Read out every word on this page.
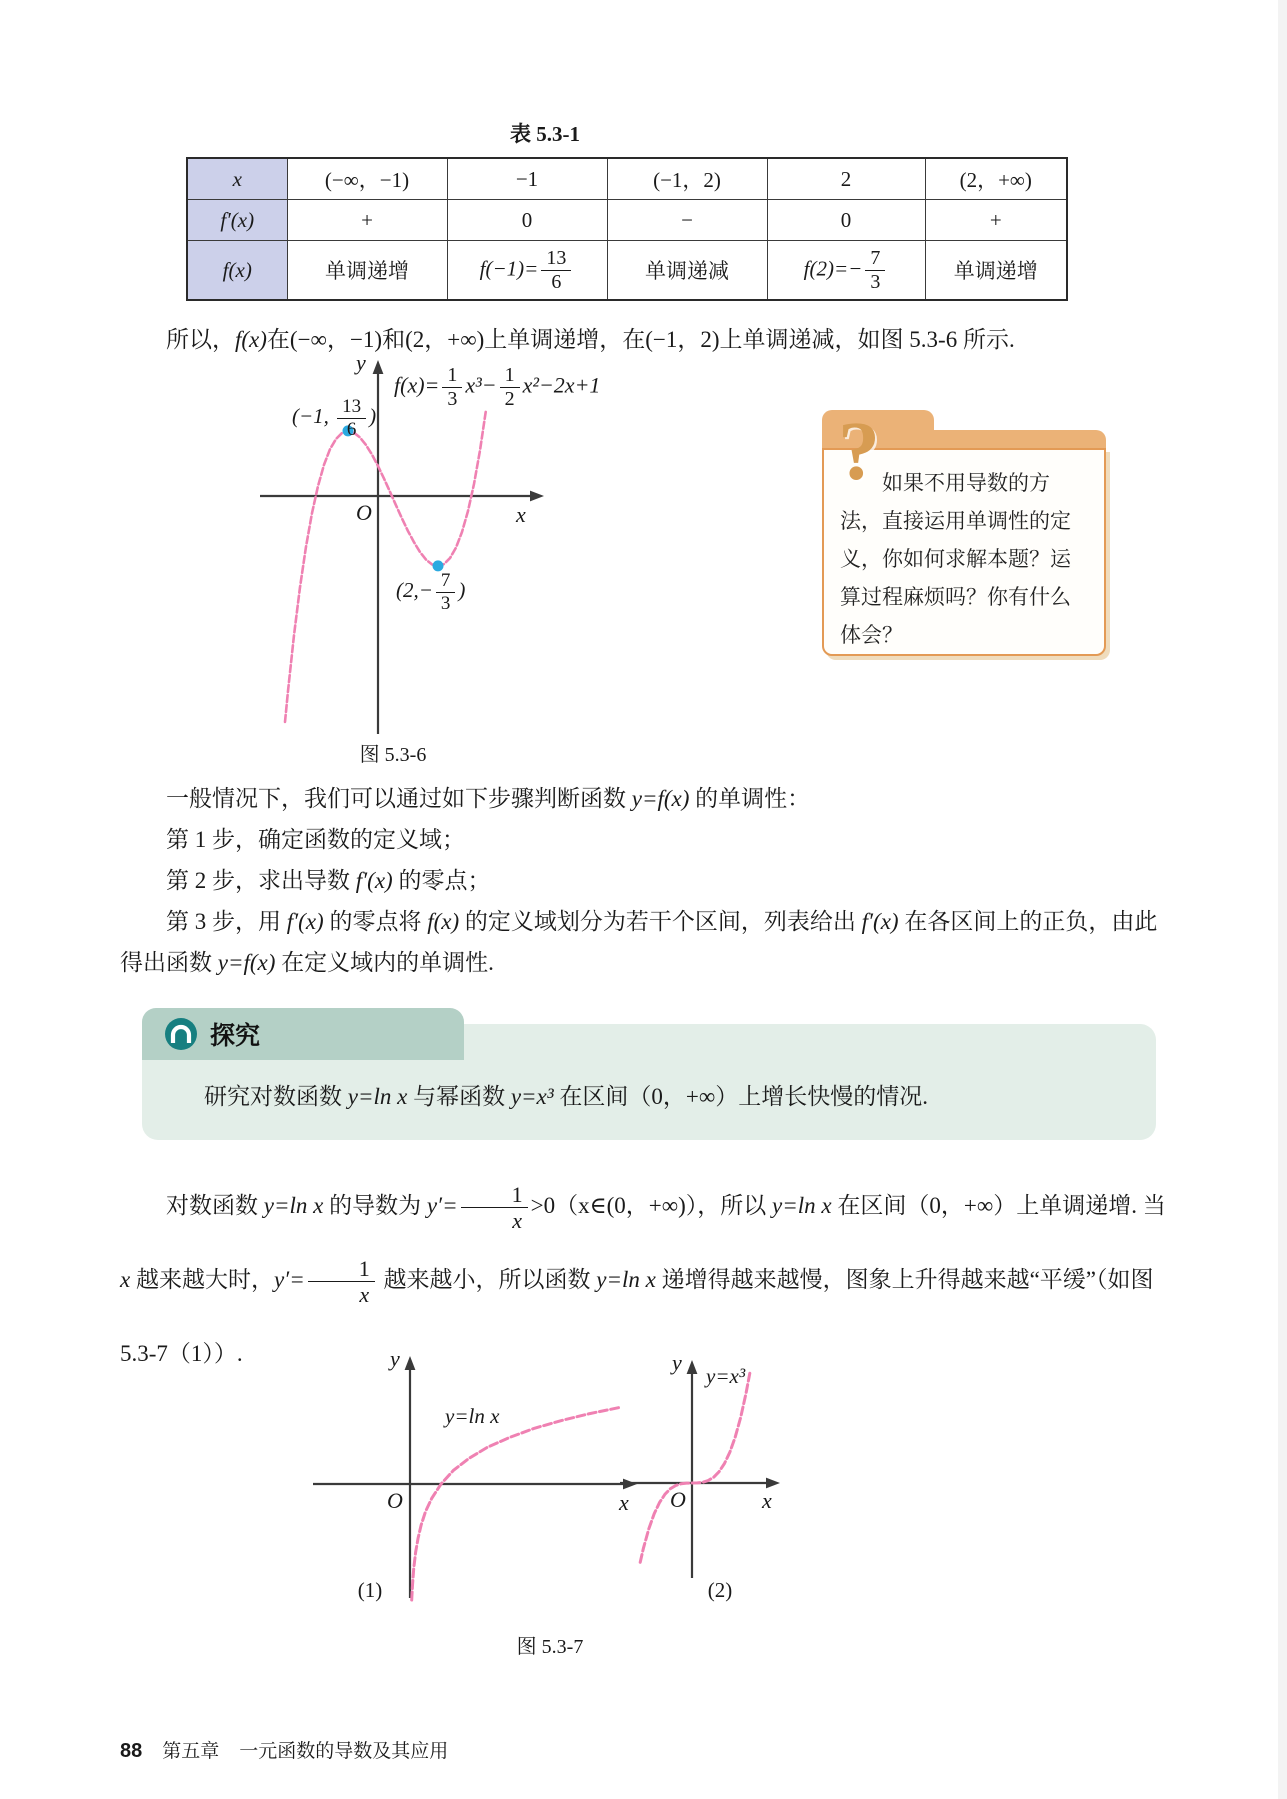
表 5.3-1
x	(−∞，−1)	−1	(−1，2)	2	(2，+∞)
f′(x)	+	0	−	0	+
f(x)	单调递增	$f(-1)= \frac{13}{6}$	单调递减	$f(2)=- \frac{7}{3}$	单调递增

所以，f(x)在(−∞，−1)和(2，+∞)上单调递增，在(−1，2)上单调递减，如图 5.3-6 所示.

y
x
O
$f(x)= \frac{1}{3} x^3- \frac{1}{2} x^2-2x+1$
(−1, $\frac{13}{6}$ )
($2,- \frac{7}{3}$ )
图 5.3-6
如果不用导数的方法，直接运用单调性的定义，你如何求解本题？运算过程麻烦吗？你有什么体会？
?

一般情况下，我们可以通过如下步骤判断函数 y=f(x) 的单调性：

第 1 步，确定函数的定义域；

第 2 步，求出导数 f′(x) 的零点；

第 3 步，用 f′(x) 的零点将 f(x) 的定义域划分为若干个区间，列表给出 f′(x) 在各区间上的正负，由此得出函数 y=f(x) 在定义域内的单调性.

探究
研究对数函数 y=ln x 与幂函数 y=x³ 在区间（0，+∞）上增长快慢的情况.

对数函数 y=ln x 的导数为 $y'= \frac{1}{x}$ >0（x∈(0，+∞)），所以 y=ln x 在区间（0，+∞）上单调递增. 当 x 越来越大时，$y'= \frac{1}{x}$ 越来越小，所以函数 y=ln x 递增得越来越慢，图象上升得越来越“平缓”（如图 5.3-7（1））.	y
x
O
y=ln x
y
x
O
y=x³
(1)	(2)
图 5.3-7
88 第五章 一元函数的导数及其应用
